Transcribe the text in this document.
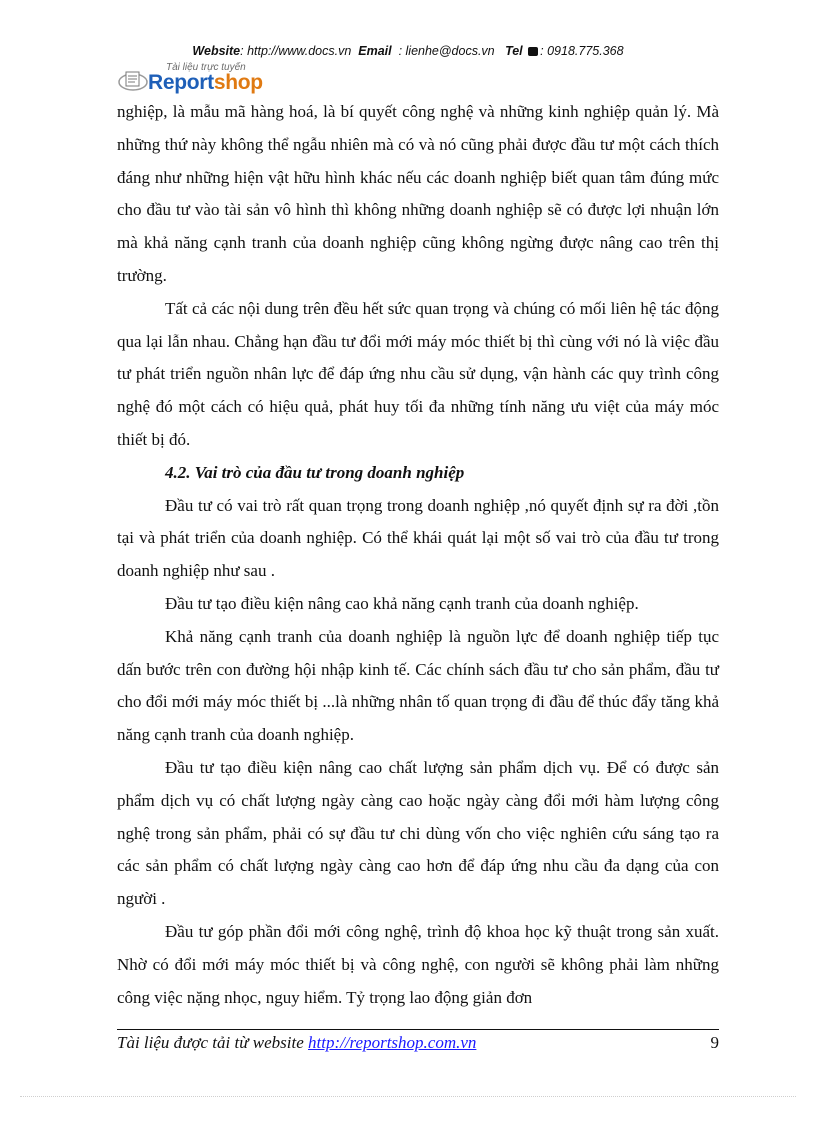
Website: http://www.docs.vn Email : lienhe@docs.vn Tel : 0918.775.368
Tài liệu trực tuyến
Reportshop

nghiệp, là mẫu mã hàng hoá, là bí quyết công nghệ và những kinh nghiệp quản lý. Mà những thứ này không thể ngẫu nhiên mà có và nó cũng phải được đầu tư một cách thích đáng như những hiện vật hữu hình khác nếu các doanh nghiệp biết quan tâm đúng mức cho đầu tư vào tài sản vô hình thì không những doanh nghiệp sẽ có được lợi nhuận lớn mà khả năng cạnh tranh của doanh nghiệp cũng không ngừng được nâng cao trên thị trường.

Tất cả các nội dung trên đều hết sức quan trọng và chúng có mối liên hệ tác động qua lại lẫn nhau. Chẳng hạn đầu tư đổi mới máy móc thiết bị thì cùng với nó là việc đầu tư phát triển nguồn nhân lực để đáp ứng nhu cầu sử dụng, vận hành các quy trình công nghệ đó một cách có hiệu quả, phát huy tối đa những tính năng ưu việt của máy móc thiết bị đó.

4.2. Vai trò của đầu tư trong doanh nghiệp

Đầu tư có vai trò rất quan trọng trong doanh nghiệp ,nó quyết định sự ra đời ,tồn tại và phát triển của doanh nghiệp. Có thể khái quát lại một số vai trò của đầu tư trong doanh nghiệp như sau .

Đầu tư tạo điều kiện nâng cao khả năng cạnh tranh của doanh nghiệp.

Khả năng cạnh tranh của doanh nghiệp là nguồn lực để doanh nghiệp tiếp tục dấn bước trên con đường hội nhập kinh tế. Các chính sách đầu tư cho sản phẩm, đầu tư cho đổi mới máy móc thiết bị ...là những nhân tố quan trọng đi đầu để thúc đẩy tăng khả năng cạnh tranh của doanh nghiệp.

Đầu tư tạo điều kiện nâng cao chất lượng sản phẩm dịch vụ. Để có được sản phẩm dịch vụ có chất lượng ngày càng cao hoặc ngày càng đổi mới hàm lượng công nghệ trong sản phẩm, phải có sự đầu tư chi dùng vốn cho việc nghiên cứu sáng tạo ra các sản phẩm có chất lượng ngày càng cao hơn để đáp ứng nhu cầu đa dạng của con người .

Đầu tư góp phần đổi mới công nghệ, trình độ khoa học kỹ thuật trong sản xuất. Nhờ có đổi mới máy móc thiết bị và công nghệ, con người sẽ không phải làm những công việc nặng nhọc, nguy hiểm. Tỷ trọng lao động giản đơn

Tài liệu được tải từ website http://reportshop.com.vn	9
